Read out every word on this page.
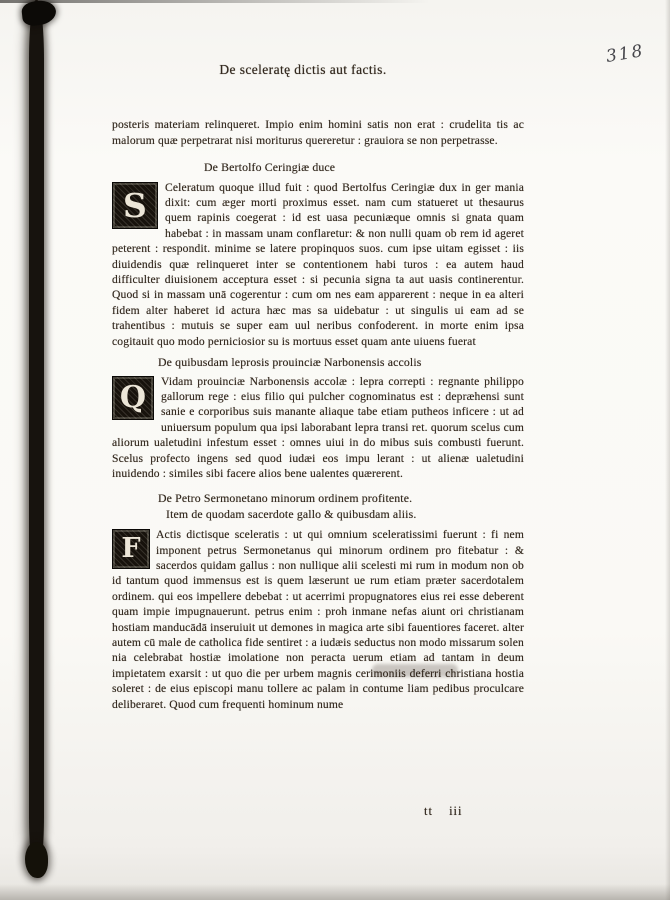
318
De sceleratę dictis aut factis.

posteris materiam relinqueret. Impio enim homini satis non erat : crudelita tis ac malorum quæ perpetrarat nisi moriturus quereretur : grauiora se non perpetrasse.

De Bertolfo Ceringiæ duce

S	Celeratum quoque illud fuit : quod Bertolfus Ceringiæ dux in ger mania dixit: cum æger morti proximus esset. nam cum statueret ut thesaurus quem rapinis coegerat : id est uasa pecuniæque omnis si gnata quam habebat : in massam unam conflaretur: & non nulli quam ob rem id ageret peterent : respondit. minime se latere propinquos suos. cum ipse uitam egisset : iis diuidendis quæ relinqueret inter se contentionem habi turos : ea autem haud difficulter diuisionem acceptura esset : si pecunia signa ta aut uasis continerentur. Quod si in massam unā cogerentur : cum om nes eam apparerent : neque in ea alteri fidem alter haberet id actura hæc mas sa uidebatur : ut singulis ui eam ad se trahentibus : mutuis se super eam uul neribus confoderent. in morte enim ipsa cogitauit quo modo perniciosior su is mortuus esset quam ante uiuens fuerat

De quibusdam leprosis prouinciæ Narbonensis accolis

Q	Vidam prouinciæ Narbonensis accolæ : lepra correpti : regnante philippo gallorum rege : eius filio qui pulcher cognominatus est : depræhensi sunt sanie e corporibus suis manante aliaque tabe etiam putheos inficere : ut ad uniuersum populum qua ipsi laborabant lepra transi ret. quorum scelus cum aliorum ualetudini infestum esset : omnes uiui in do mibus suis combusti fuerunt. Scelus profecto ingens sed quod iudæi eos impu lerant : ut alienæ ualetudini inuidendo : similes sibi facere alios bene ualentes quærerent.

De Petro Sermonetano minorum ordinem profitente.
Item de quodam sacerdote gallo & quibusdam aliis.

F	Actis dictisque sceleratis : ut qui omnium sceleratissimi fuerunt : fi nem imponent petrus Sermonetanus qui minorum ordinem pro fitebatur : & sacerdos quidam gallus : non nullique alii scelesti mi rum in modum non ob id tantum quod immensus est is quem læserunt ue rum etiam præter sacerdotalem ordinem. qui eos impellere debebat : ut acerrimi propugnatores eius rei esse deberent quam impie impugnauerunt. petrus enim : proh inmane nefas aiunt ori christianam hostiam manducādā inseruiuit ut demones in magica arte sibi fauentiores faceret. alter autem cū male de catholica fide sentiret : a iudæis seductus non modo missarum solen nia celebrabat hostiæ imolatione non peracta uerum etiam ad tantam in deum impietatem exarsit : ut quo die per urbem magnis cerimoniis deferri christiana hostia soleret : de eius episcopi manu tollere ac palam in contume liam pedibus proculcare deliberaret. Quod cum frequenti hominum nume

tt iii
